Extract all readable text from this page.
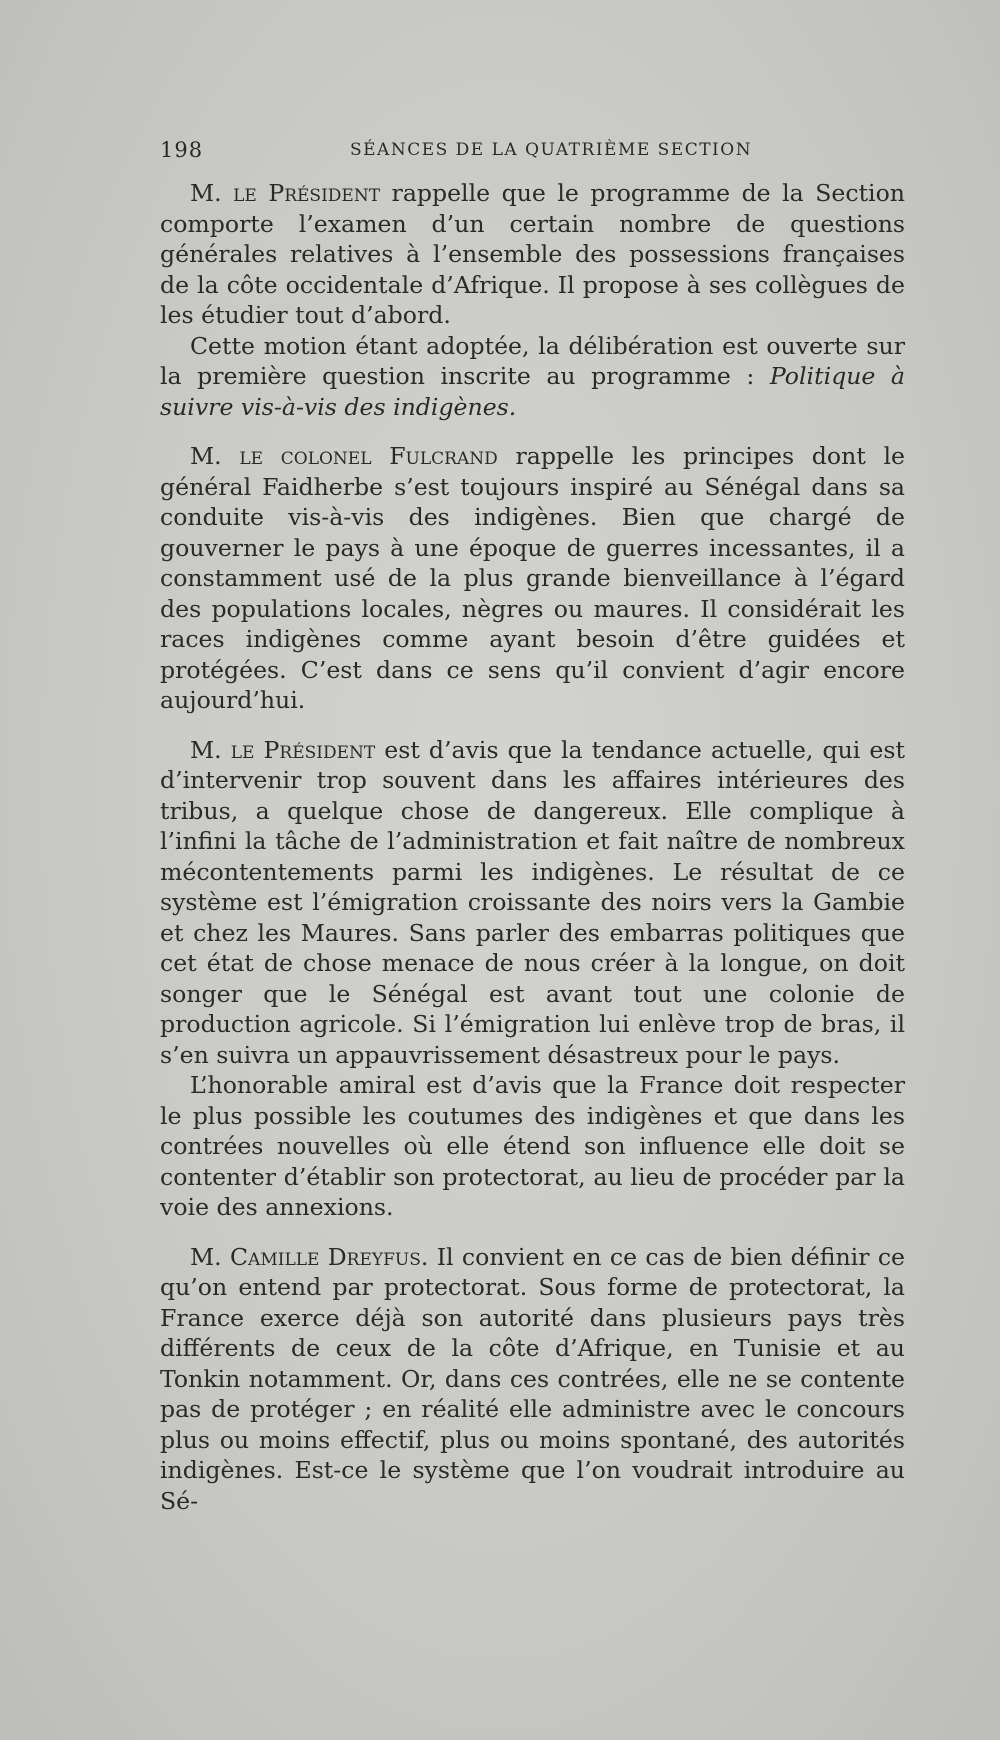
198	SÉANCES DE LA QUATRIÈME SECTION

M. le Président rappelle que le programme de la Section comporte l’examen d’un certain nombre de questions générales relatives à l’ensemble des possessions françaises de la côte occidentale d’Afrique. Il propose à ses collègues de les étudier tout d’abord.

Cette motion étant adoptée, la délibération est ouverte sur la première question inscrite au programme : Politique à suivre vis-à-vis des indigènes.

M. le colonel Fulcrand rappelle les principes dont le général Faidherbe s’est toujours inspiré au Sénégal dans sa conduite vis-à-vis des indigènes. Bien que chargé de gouverner le pays à une époque de guerres incessantes, il a constamment usé de la plus grande bienveillance à l’égard des populations locales, nègres ou maures. Il considérait les races indigènes comme ayant besoin d’être guidées et protégées. C’est dans ce sens qu’il convient d’agir encore aujourd’hui.

M. le Président est d’avis que la tendance actuelle, qui est d’intervenir trop souvent dans les affaires intérieures des tribus, a quelque chose de dangereux. Elle complique à l’infini la tâche de l’administration et fait naître de nombreux mécontentements parmi les indigènes. Le résultat de ce système est l’émigration croissante des noirs vers la Gambie et chez les Maures. Sans parler des embarras politiques que cet état de chose menace de nous créer à la longue, on doit songer que le Sénégal est avant tout une colonie de production agricole. Si l’émigration lui enlève trop de bras, il s’en suivra un appauvrissement désastreux pour le pays.

L’honorable amiral est d’avis que la France doit respecter le plus possible les coutumes des indigènes et que dans les contrées nouvelles où elle étend son influence elle doit se contenter d’établir son protectorat, au lieu de procéder par la voie des annexions.

M. Camille Dreyfus. Il convient en ce cas de bien définir ce qu’on entend par protectorat. Sous forme de protectorat, la France exerce déjà son autorité dans plusieurs pays très différents de ceux de la côte d’Afrique, en Tunisie et au Tonkin notamment. Or, dans ces contrées, elle ne se contente pas de protéger ; en réalité elle administre avec le concours plus ou moins effectif, plus ou moins spontané, des autorités indigènes. Est-ce le système que l’on voudrait introduire au Sé-
